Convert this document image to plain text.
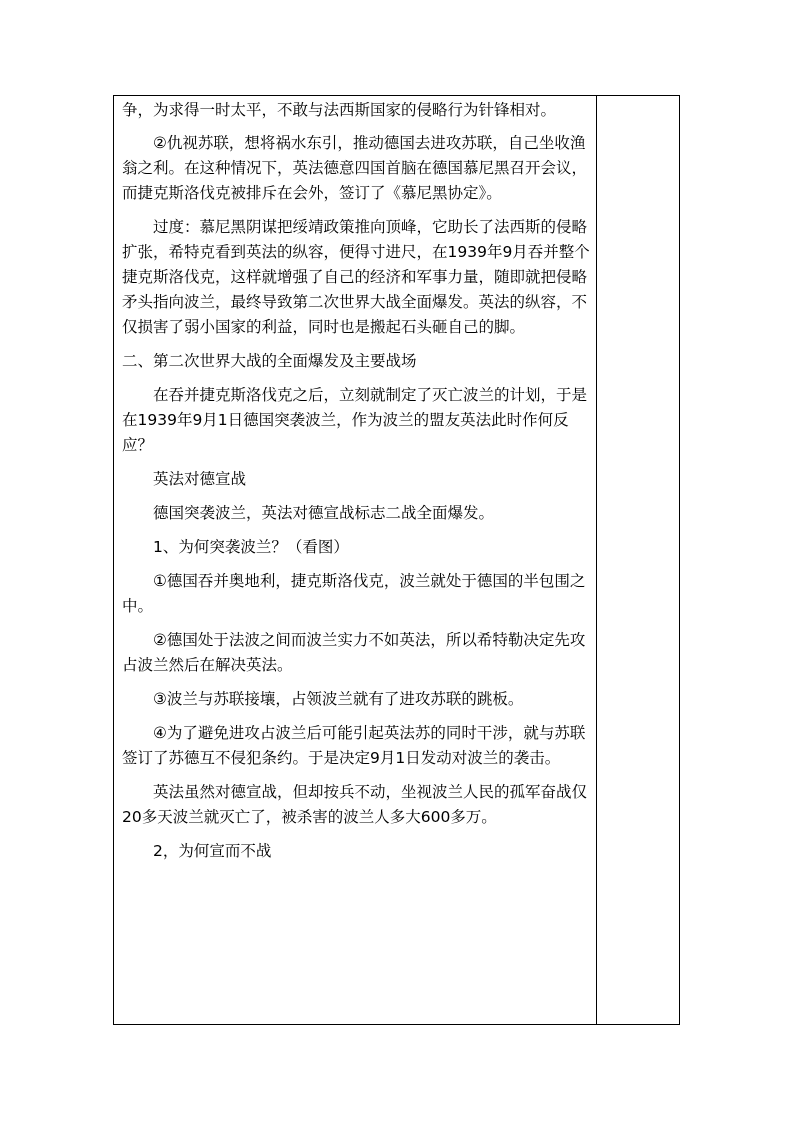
争，为求得一时太平，不敢与法西斯国家的侵略行为针锋相对。

②仇视苏联，想将祸水东引，推动德国去进攻苏联，自己坐收渔翁之利。在这种情况下，英法德意四国首脑在德国慕尼黑召开会议，而捷克斯洛伐克被排斥在会外，签订了《慕尼黑协定》。

过度：慕尼黑阴谋把绥靖政策推向顶峰，它助长了法西斯的侵略扩张，希特克看到英法的纵容，便得寸进尺，在1939年9月吞并整个捷克斯洛伐克，这样就增强了自己的经济和军事力量，随即就把侵略矛头指向波兰，最终导致第二次世界大战全面爆发。英法的纵容，不仅损害了弱小国家的利益，同时也是搬起石头砸自己的脚。

二、第二次世界大战的全面爆发及主要战场

在吞并捷克斯洛伐克之后，立刻就制定了灭亡波兰的计划，于是在1939年9月1日德国突袭波兰，作为波兰的盟友英法此时作何反应？

英法对德宣战

德国突袭波兰，英法对德宣战标志二战全面爆发。

1、为何突袭波兰？（看图）

①德国吞并奥地利，捷克斯洛伐克，波兰就处于德国的半包围之中。

②德国处于法波之间而波兰实力不如英法，所以希特勒决定先攻占波兰然后在解决英法。

③波兰与苏联接壤，占领波兰就有了进攻苏联的跳板。

④为了避免进攻占波兰后可能引起英法苏的同时干涉，就与苏联签订了苏德互不侵犯条约。于是决定9月1日发动对波兰的袭击。

英法虽然对德宣战，但却按兵不动，坐视波兰人民的孤军奋战仅20多天波兰就灭亡了，被杀害的波兰人多大600多万。

2，为何宣而不战
